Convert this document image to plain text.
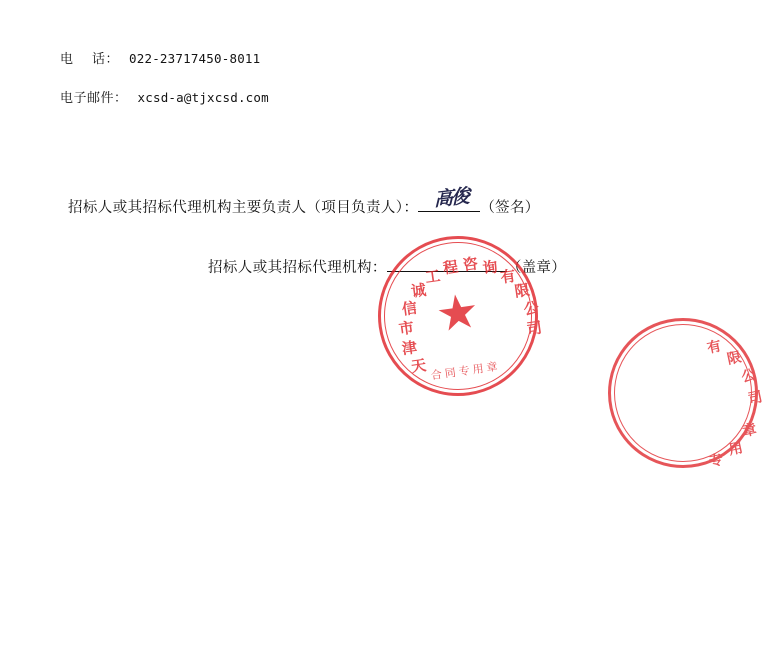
电    话： 022-23717450-8011
电子邮件： xcsd-a@tjxcsd.com
招标人或其招标代理机构主要负责人（项目负责人）：	（签名）
招标人或其招标代理机构：	（盖章）
高俊
天
津
市
信
诚
工 程 咨 询 有
限
公
司
★
合同专用章
有
限
公
司
章
用
专
